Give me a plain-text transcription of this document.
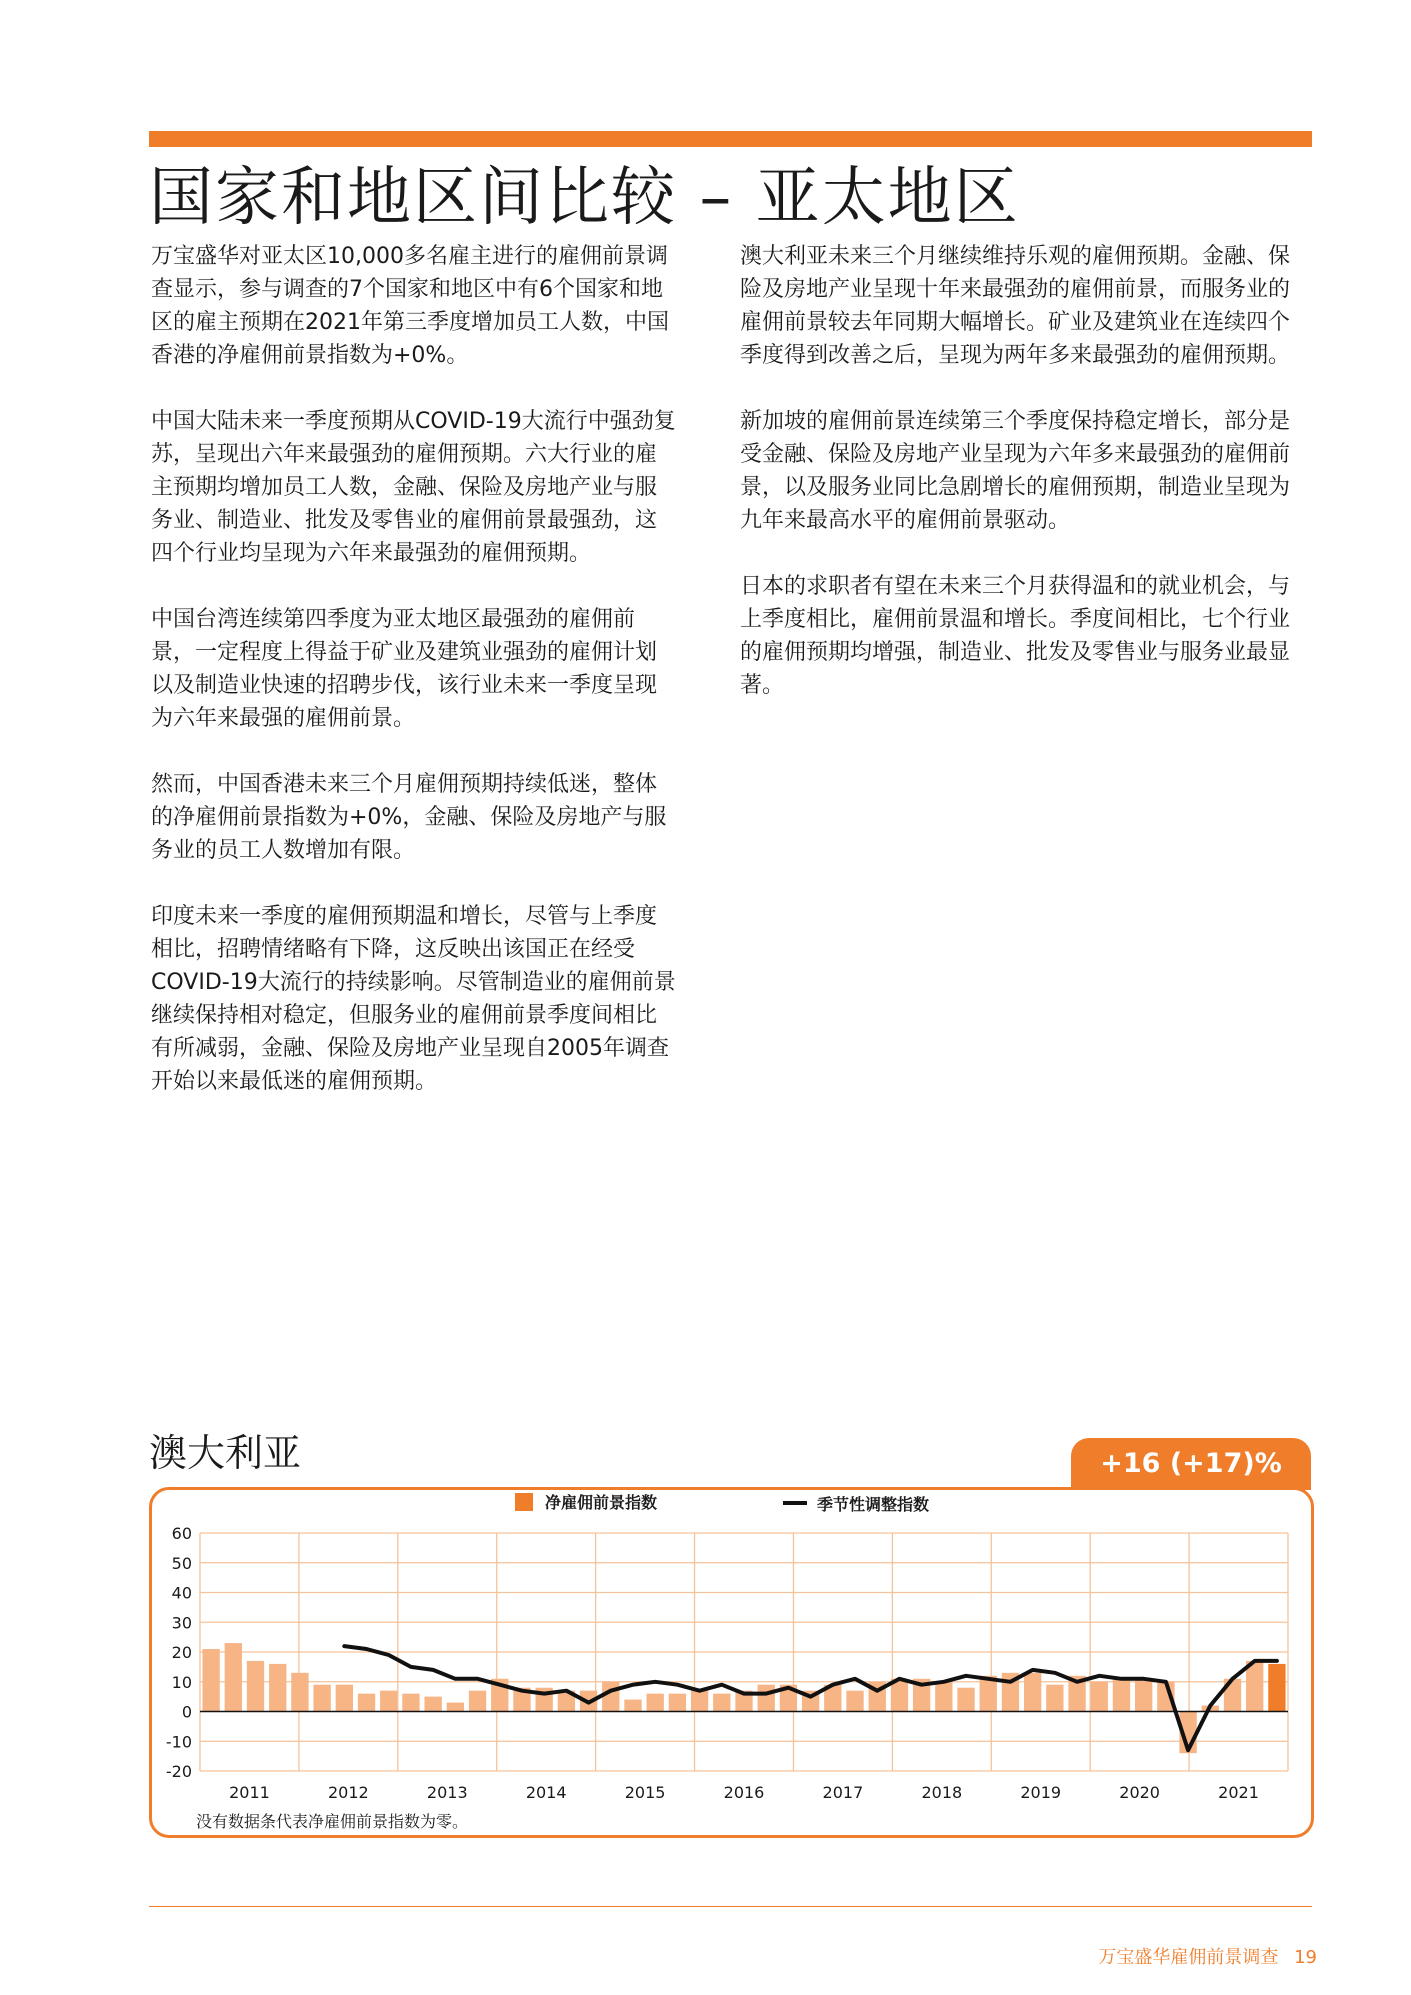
国家和地区间比较 – 亚太地区

万宝盛华对亚太区10,000多名雇主进行的雇佣前景调查显示，参与调查的7个国家和地区中有6个国家和地区的雇主预期在2021年第三季度增加员工人数，中国香港的净雇佣前景指数为+0%。

中国大陆未来一季度预期从COVID-19大流行中强劲复苏，呈现出六年来最强劲的雇佣预期。六大行业的雇主预期均增加员工人数，金融、保险及房地产业与服务业、制造业、批发及零售业的雇佣前景最强劲，这四个行业均呈现为六年来最强劲的雇佣预期。

中国台湾连续第四季度为亚太地区最强劲的雇佣前景，一定程度上得益于矿业及建筑业强劲的雇佣计划以及制造业快速的招聘步伐，该行业未来一季度呈现为六年来最强的雇佣前景。

然而，中国香港未来三个月雇佣预期持续低迷，整体的净雇佣前景指数为+0%，金融、保险及房地产与服务业的员工人数增加有限。

印度未来一季度的雇佣预期温和增长，尽管与上季度相比，招聘情绪略有下降，这反映出该国正在经受COVID-19大流行的持续影响。尽管制造业的雇佣前景继续保持相对稳定，但服务业的雇佣前景季度间相比有所减弱，金融、保险及房地产业呈现自2005年调查开始以来最低迷的雇佣预期。

澳大利亚未来三个月继续维持乐观的雇佣预期。金融、保险及房地产业呈现十年来最强劲的雇佣前景，而服务业的雇佣前景较去年同期大幅增长。矿业及建筑业在连续四个季度得到改善之后，呈现为两年多来最强劲的雇佣预期。

新加坡的雇佣前景连续第三个季度保持稳定增长，部分是受金融、保险及房地产业呈现为六年多来最强劲的雇佣前景，以及服务业同比急剧增长的雇佣预期，制造业呈现为九年来最高水平的雇佣前景驱动。

日本的求职者有望在未来三个月获得温和的就业机会，与上季度相比，雇佣前景温和增长。季度间相比，七个行业的雇佣预期均增强，制造业、批发及零售业与服务业最显著。

澳大利亚	+16 (+17)%
60
50
40
30
20
10
0
-10
-20
2011	2012	2013	2014	2015	2016	2017	2018	2019	2020	2021
净雇佣前景指数	季节性调整指数

没有数据条代表净雇佣前景指数为零。

万宝盛华雇佣前景调查 19
